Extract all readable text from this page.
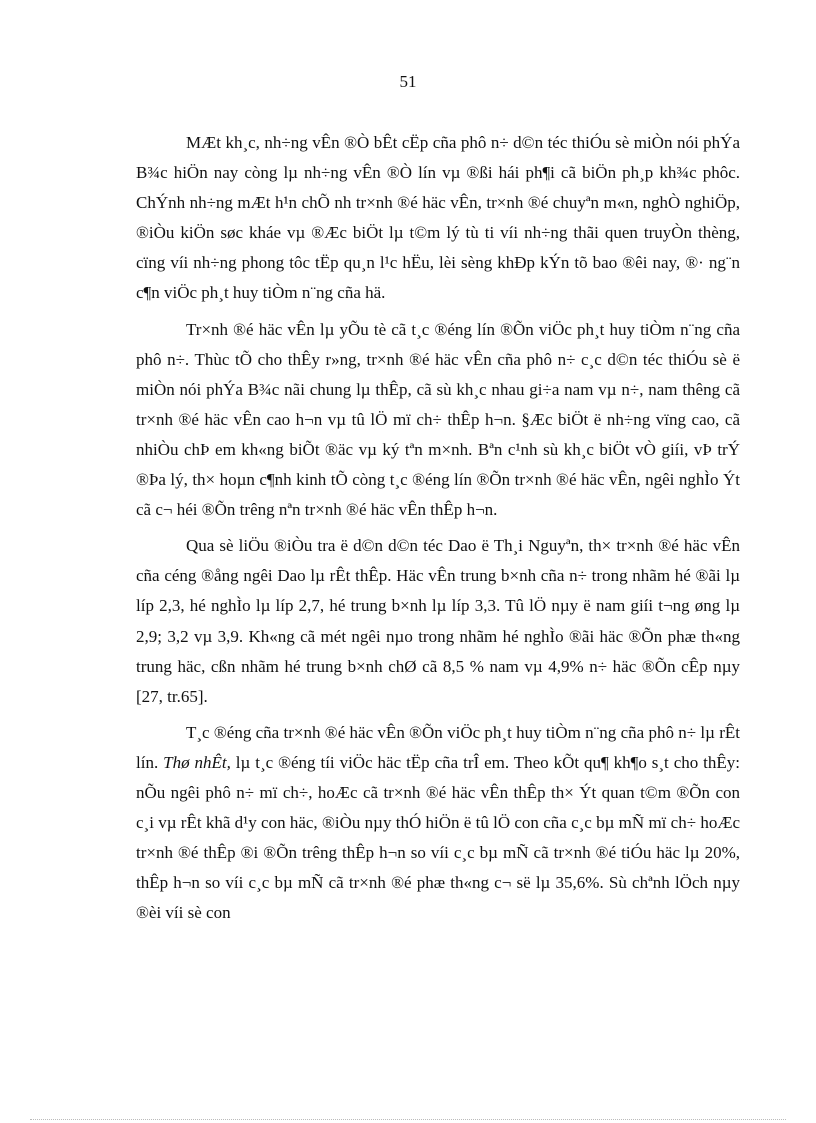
51

MÆt kh¸c, nh÷ng vÊn ®Ò bÊt cËp cña phô n÷ d©n téc thiÓu sè miÒn nói phÝa B¾c hiÖn nay còng lµ nh÷ng vÊn ®Ò lín vµ ®ßi hái ph¶i cã biÖn ph¸p kh¾c phôc. ChÝnh nh÷ng mÆt h¹n chÕ nh tr×nh ®é häc vÊn, tr×nh ®é chuyªn m«n, nghÒ nghiÖp, ®iÒu kiÖn søc kháe vµ ®Æc biÖt lµ t©m lý tù ti víi nh÷ng thãi quen truyÒn thèng, cïng víi nh÷ng phong tôc tËp qu¸n l¹c hËu, lèi sèng khÐp kÝn tõ bao ®êi nay, ®· ng¨n c¶n viÖc ph¸t huy tiÒm n¨ng cña hä.

Tr×nh ®é häc vÊn lµ yÕu tè cã t¸c ®éng lín ®Õn viÖc ph¸t huy tiÒm n¨ng cña phô n÷. Thùc tÕ cho thÊy r»ng, tr×nh ®é häc vÊn cña phô n÷ c¸c d©n téc thiÓu sè ë miÒn nói phÝa B¾c nãi chung lµ thÊp, cã sù kh¸c nhau gi÷a nam vµ n÷, nam thêng cã tr×nh ®é häc vÊn cao h¬n vµ tû lÖ mï ch÷ thÊp h¬n. §Æc biÖt ë nh÷ng vïng cao, cã nhiÒu chÞ em kh«ng biÕt ®äc vµ ký tªn m×nh. Bªn c¹nh sù kh¸c biÖt vÒ giíi, vÞ trÝ ®Þa lý, th× hoµn c¶nh kinh tÕ còng t¸c ®éng lín ®Õn tr×nh ®é häc vÊn, ngêi nghÌo Ýt cã c¬ héi ®Õn trêng nªn tr×nh ®é häc vÊn thÊp h¬n.

Qua sè liÖu ®iÒu tra ë d©n d©n téc Dao ë Th¸i Nguyªn, th× tr×nh ®é häc vÊn cña céng ®ång ngêi Dao lµ rÊt thÊp. Häc vÊn trung b×nh cña n÷ trong nhãm hé ®ãi lµ líp 2,3, hé nghÌo lµ líp 2,7, hé trung b×nh lµ líp 3,3. Tû lÖ nµy ë nam giíi t¬ng øng lµ 2,9; 3,2 vµ 3,9. Kh«ng cã mét ngêi nµo trong nhãm hé nghÌo ®ãi häc ®Õn phæ th«ng trung häc, cßn nhãm hé trung b×nh chØ cã 8,5 % nam vµ 4,9% n÷ häc ®Õn cÊp nµy [27, tr.65].

T¸c ®éng cña tr×nh ®é häc vÊn ®Õn viÖc ph¸t huy tiÒm n¨ng cña phô n÷ lµ rÊt lín. Thø nhÊt, lµ t¸c ®éng tíi viÖc häc tËp cña trÎ em. Theo kÕt qu¶ kh¶o s¸t cho thÊy: nÕu ngêi phô n÷ mï ch÷, hoÆc cã tr×nh ®é häc vÊn thÊp th× Ýt quan t©m ®Õn con c¸i vµ rÊt khã d¹y con häc, ®iÒu nµy thÓ hiÖn ë tû lÖ con cña c¸c bµ mÑ mï ch÷ hoÆc tr×nh ®é thÊp ®i ®Õn trêng thÊp h¬n so víi c¸c bµ mÑ cã tr×nh ®é tiÓu häc lµ 20%, thÊp h¬n so víi c¸c bµ mÑ cã tr×nh ®é phæ th«ng c¬ së lµ 35,6%. Sù chªnh lÖch nµy ®èi víi sè con
